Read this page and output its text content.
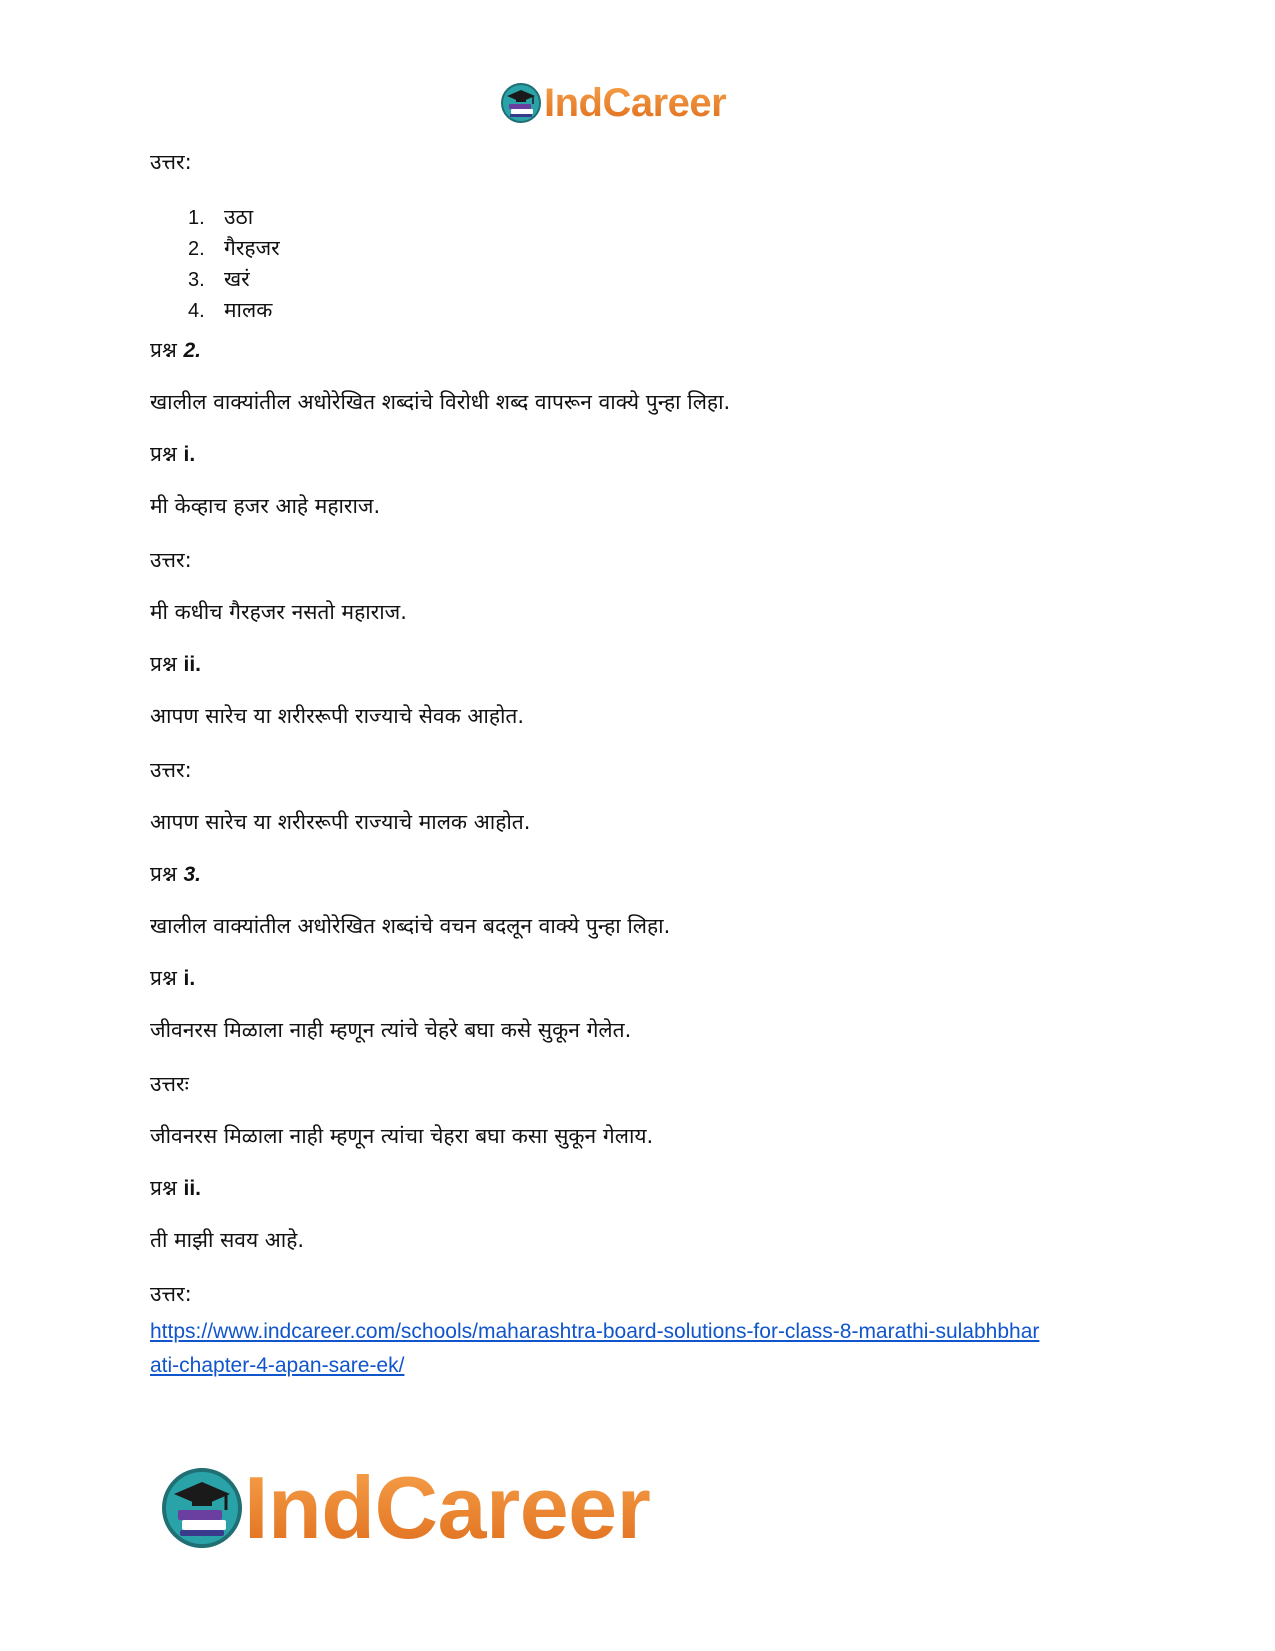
IndCareer
उत्तर:
1. उठा
2. गैरहजर
3. खरं
4. मालक
प्रश्न 2.
खालील वाक्यांतील अधोरेखित शब्दांचे विरोधी शब्द वापरून वाक्ये पुन्हा लिहा.
प्रश्न i.
मी केव्हाच हजर आहे महाराज.
उत्तर:
मी कधीच गैरहजर नसतो महाराज.
प्रश्न ii.
आपण सारेच या शरीररूपी राज्याचे सेवक आहोत.
उत्तर:
आपण सारेच या शरीररूपी राज्याचे मालक आहोत.
प्रश्न 3.
खालील वाक्यांतील अधोरेखित शब्दांचे वचन बदलून वाक्ये पुन्हा लिहा.
प्रश्न i.
जीवनरस मिळाला नाही म्हणून त्यांचे चेहरे बघा कसे सुकून गेलेत.
उत्तरः
जीवनरस मिळाला नाही म्हणून त्यांचा चेहरा बघा कसा सुकून गेलाय.
प्रश्न ii.
ती माझी सवय आहे.
उत्तर:
https://www.indcareer.com/schools/maharashtra-board-solutions-for-class-8-marathi-sulabhbhar
ati-chapter-4-apan-sare-ek/
IndCareer
